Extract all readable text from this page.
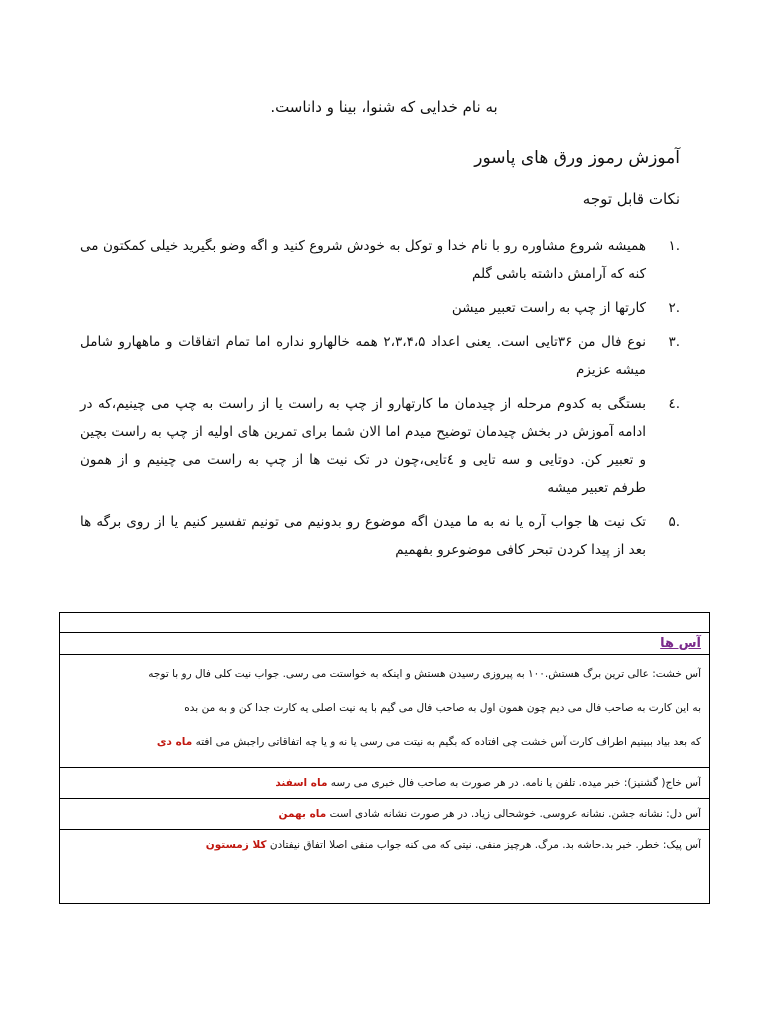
به نام خدایی که شنوا، بینا و داناست.
آموزش رموز ورق های پاسور
نکات قابل توجه
.۱
همیشه شروع مشاوره رو با نام خدا و توکل به خودش شروع کنید و اگه وضو بگیرید خیلی کمکتون می کنه که آرامش داشته باشی گلم
.۲
کارتها از چپ به راست تعبیر میشن
.۳
نوع فال من ۳۶تایی است. یعنی اعداد ۲،۳،۴،۵ همه خالهارو نداره اما تمام اتفاقات و ماههارو شامل میشه عزیزم
.٤
بستگی به کدوم مرحله از چیدمان ما کارتهارو از چپ به راست یا از راست به چپ می چینیم،که در ادامه آموزش در بخش چیدمان توضیح میدم اما الان شما برای تمرین های اولیه از چپ به راست بچین و تعبیر کن. دوتایی و سه تایی و ٤تایی،چون در تک نیت ها از چپ به راست می چینیم و از همون طرفم تعبیر میشه
.۵
تک نیت ها جواب آره یا نه به ما میدن اگه موضوع رو بدونیم می تونیم تفسیر کنیم یا از روی برگه ها بعد از پیدا کردن تبحر کافی موضوعرو بفهمیم
آس ها
آس خشت: عالی ترین برگ هستش.۱۰۰ به پیروزی رسیدن هستش و اینکه به خواستت می رسی. جواب نیت کلی فال رو با توجه
به این کارت به صاحب فال می دیم چون همون اول به صاحب فال می گیم با یه نیت اصلی یه کارت جدا کن و به من بده
که بعد بیاد ببینیم اطراف کارت آس خشت چی افتاده که بگیم به نیتت می رسی یا نه و یا چه اتفاقاتی راجبش می افته ماه دی
آس خاج( گشنیز): خبر میده. تلفن یا نامه. در هر صورت به صاحب فال خبری می رسه ماه اسفند
آس دل: نشانه جشن. نشانه عروسی. خوشحالی زیاد. در هر صورت نشانه شادی است ماه بهمن
آس پیک: خطر. خبر بد.حاشه بد. مرگ. هرچیز منفی. نیتی که می کنه جواب منفی اصلا اتفاق نیفتادن کلا زمستون
